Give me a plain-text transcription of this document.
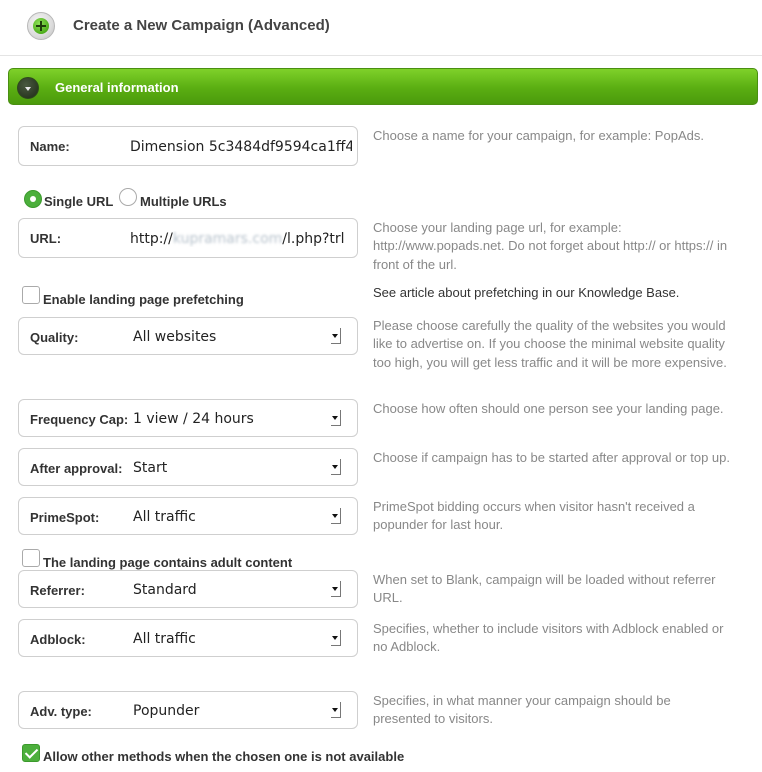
Create a New Campaign (Advanced)
General information
Name:
Dimension 5c3484df9594ca1ff4
Choose a name for your campaign, for example: PopAds.
Single URL Multiple URLs
URL:	http://kupramars.com/l.php?trl
Choose your landing page url, for example: http://www.popads.net. Do not forget about http:// or https:// in front of the url.
Enable landing page prefetching	See article about prefetching in our Knowledge Base.
Quality:	All websites
Please choose carefully the quality of the websites you would like to advertise on. If you choose the minimal website quality too high, you will get less traffic and it will be more expensive.
Frequency Cap: 1 view / 24 hours
Choose how often should one person see your landing page.
After approval: Start
Choose if campaign has to be started after approval or top up.
PrimeSpot: All traffic
PrimeSpot bidding occurs when visitor hasn't received a popunder for last hour.
The landing page contains adult content
Referrer:	Standard
When set to Blank, campaign will be loaded without referrer URL.
Adblock:	All traffic
Specifies, whether to include visitors with Adblock enabled or no Adblock.
Adv. type:	Popunder
Specifies, in what manner your campaign should be presented to visitors.
Allow other methods when the chosen one is not available
